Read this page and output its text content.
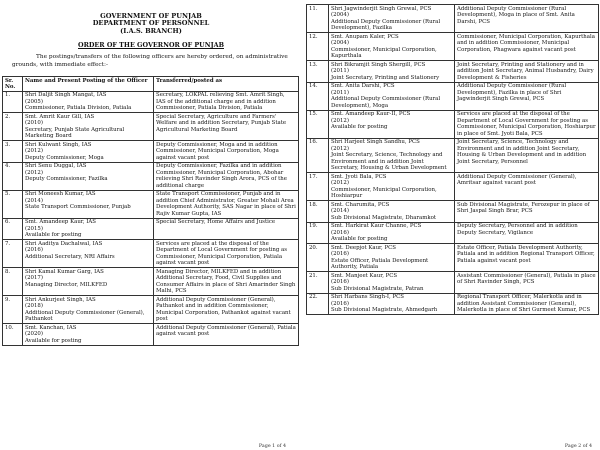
GOVERNMENT OF PUNJAB
DEPARTMENT OF PERSONNEL
(I.A.S. BRANCH)
ORDER OF THE GOVERNOR OF PUNJAB
The postings/transfers of the following officers are hereby ordered, on administrative grounds, with immediate effect:-
Sr. No.	Name and Present Posting of the Officer	Transferred/posted as
1.	Shri Daljit Singh Mangat, IAS
(2005)
Commissioner, Patiala Division, Patiala	Secretary, LOKPAL relieving Smt. Amrit Singh, IAS of the additional charge and in addition Commissioner, Patiala Division, Patiala
2.	Smt. Amrit Kaur Gill, IAS
(2010)
Secretary, Punjab State Agricultural Marketing Board	Special Secretary, Agriculture and Farmers' Welfare and in addition Secretary, Punjab State Agricultural Marketing Board
3.	Shri Kulwant Singh, IAS
(2012)
Deputy Commissioner, Moga	Deputy Commissioner, Moga and in addition Commissioner, Municipal Corporation, Moga against vacant post
4.	Shri Senu Duggal, IAS
(2012)
Deputy Commissioner, Fazilka	Deputy Commissioner, Fazilka and in addition Commissioner, Municipal Corporation, Abohar relieving Shri Ravinder Singh Arora, PCS of the additional charge
5.	Shri Moneesh Kumar, IAS
(2014)
State Transport Commissioner, Punjab	State Transport Commissioner, Punjab and in addition Chief Administrator, Greater Mohali Area Development Authority, SAS Nagar in place of Shri Rajiv Kumar Gupta, IAS
6.	Smt. Amandeep Kaur, IAS
(2015)
Available for posting	Special Secretary, Home Affairs and Justice
7.	Shri Aaditya Dachalwal, IAS
(2016)
Additional Secretary, NRI Affairs	Services are placed at the disposal of the Department of Local Government for posting as Commissioner, Municipal Corporation, Patiala against vacant post
8.	Shri Kamal Kumar Garg, IAS
(2017)
Managing Director, MILKFED	Managing Director, MILKFED and in addition Additional Secretary, Food, Civil Supplies and Consumer Affairs in place of Shri Amarinder Singh Malhi, PCS
9.	Shri Ankurjeet Singh, IAS
(2018)
Additional Deputy Commissioner (General), Pathankot	Additional Deputy Commissioner (General), Pathankot and in addition Commissioner, Municipal Corporation, Pathankot against vacant post
10.	Smt. Kanchan, IAS
(2020)
Available for posting	Additional Deputy Commissioner (General), Patiala against vacant post
Page 1 of 4
11.	Shri Jagwinderjit Singh Grewal, PCS
(2004)
Additional Deputy Commissioner (Rural Development), Fazilka	Additional Deputy Commissioner (Rural Development), Moga in place of Smt. Anita Darshi, PCS
12.	Smt. Anupam Kaler, PCS
(2004)
Commissioner, Municipal Corporation, Kapurthala	Commissioner, Municipal Corporation, Kapurthala and in addition Commissioner, Municipal Corporation, Phagwara against vacant post
13.	Shri Bikramjit Singh Shergill, PCS
(2011)
Joint Secretary, Printing and Stationery	Joint Secretary, Printing and Stationery and in addition Joint Secretary, Animal Husbandry, Dairy Development & Fisheries
14.	Smt. Anita Darshi, PCS
(2011)
Additional Deputy Commissioner (Rural Development), Moga	Additional Deputy Commissioner (Rural Development), Fazilka in place of Shri Jagwinderjit Singh Grewal, PCS
15.	Smt. Amandeep Kaur-II, PCS
(2012)
Available for posting	Services are placed at the disposal of the Department of Local Government for posting as Commissioner, Municipal Corporation, Hoshiarpur in place of Smt. Jyoti Bala, PCS
16.	Shri Harjeet Singh Sandhu, PCS
(2012)
Joint Secretary, Science, Technology and Environment and in addition Joint Secretary, Housing & Urban Development	Joint Secretary, Science, Technology and Environment and in addition Joint Secretary, Housing & Urban Development and in addition Joint Secretary, Personnel
17.	Smt. Jyoti Bala, PCS
(2012)
Commissioner, Municipal Corporation, Hoshiarpur	Additional Deputy Commissioner (General), Amritsar against vacant post
18.	Smt. Charumita, PCS
(2014)
Sub Divisional Magistrate, Dharamkot	Sub Divisional Magistrate, Ferozepur in place of Shri Jaspal Singh Brar, PCS
19.	Smt. Harkirat Kaur Channe, PCS
(2016)
Available for posting	Deputy Secretary, Personnel and in addition Deputy Secretary, Vigilance
20.	Smt. Deepjot Kaur, PCS
(2016)
Estate Officer, Patiala Development Authority, Patiala	Estate Officer, Patiala Development Authority, Patiala and in addition Regional Transport Officer, Patiala against vacant post
21.	Smt. Manjeet Kaur, PCS
(2016)
Sub Divisional Magistrate, Patran	Assistant Commissioner (General), Patiala in place of Shri Ravinder Singh, PCS
22.	Shri Harbans Singh-I, PCS
(2016)
Sub Divisional Magistrate, Ahmedgarh	Regional Transport Officer, Malerkotla and in addition Assistant Commissioner (General), Malerkotla in place of Shri Gurmeet Kumar, PCS
Page 2 of 4
